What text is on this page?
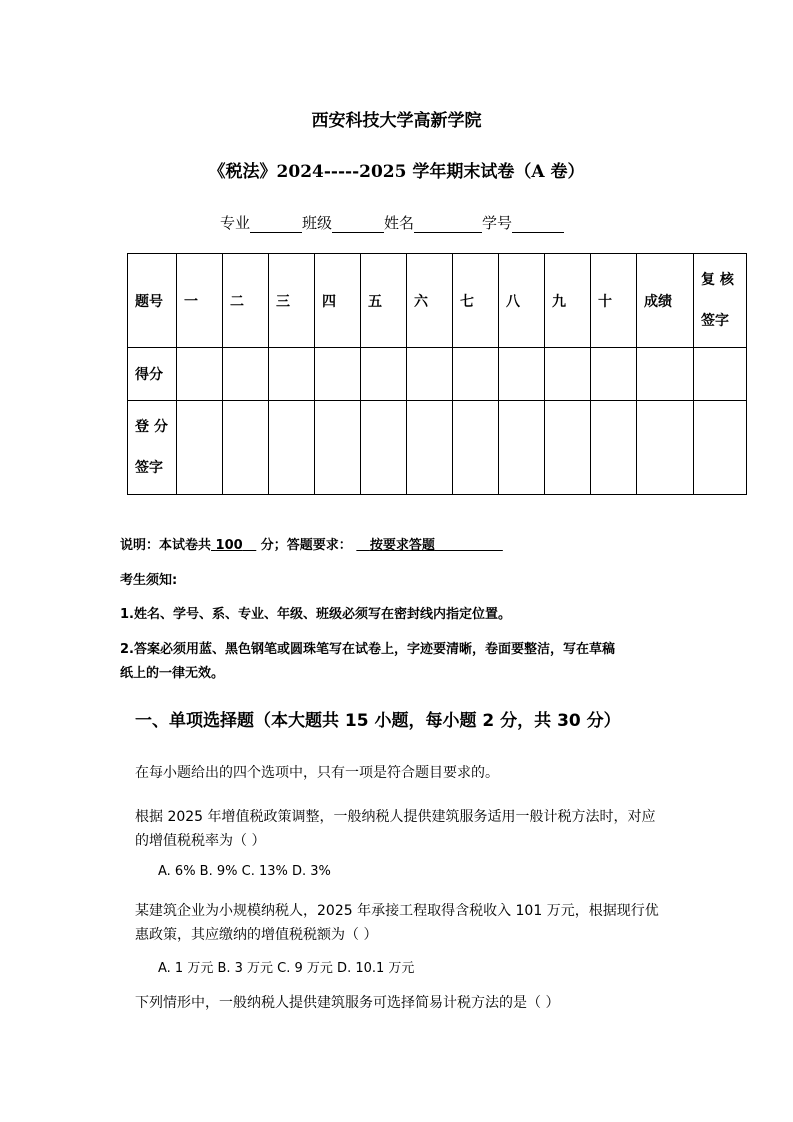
西安科技大学高新学院
《税法》2024-----2025 学年期末试卷（A 卷）
专业	班级	姓名	学号
题号	一	二	三	四	五	六	七	八	九	十	成绩	复 核
签字

得分												

登 分
签字												

说明：本试卷共 100 分；答题要求： 按要求答题
考生须知:
1.姓名、学号、系、专业、年级、班级必须写在密封线内指定位置。
2.答案必须用蓝、黑色钢笔或圆珠笔写在试卷上，字迹要清晰，卷面要整洁，写在草稿
纸上的一律无效。
一、单项选择题（本大题共 15 小题，每小题 2 分，共 30 分）
在每小题给出的四个选项中，只有一项是符合题目要求的。
根据 2025 年增值税政策调整，一般纳税人提供建筑服务适用一般计税方法时，对应
的增值税税率为（ ）
A. 6% B. 9% C. 13% D. 3%
某建筑企业为小规模纳税人，2025 年承接工程取得含税收入 101 万元，根据现行优
惠政策，其应缴纳的增值税税额为（ ）
A. 1 万元 B. 3 万元 C. 9 万元 D. 10.1 万元
下列情形中，一般纳税人提供建筑服务可选择简易计税方法的是（ ）
